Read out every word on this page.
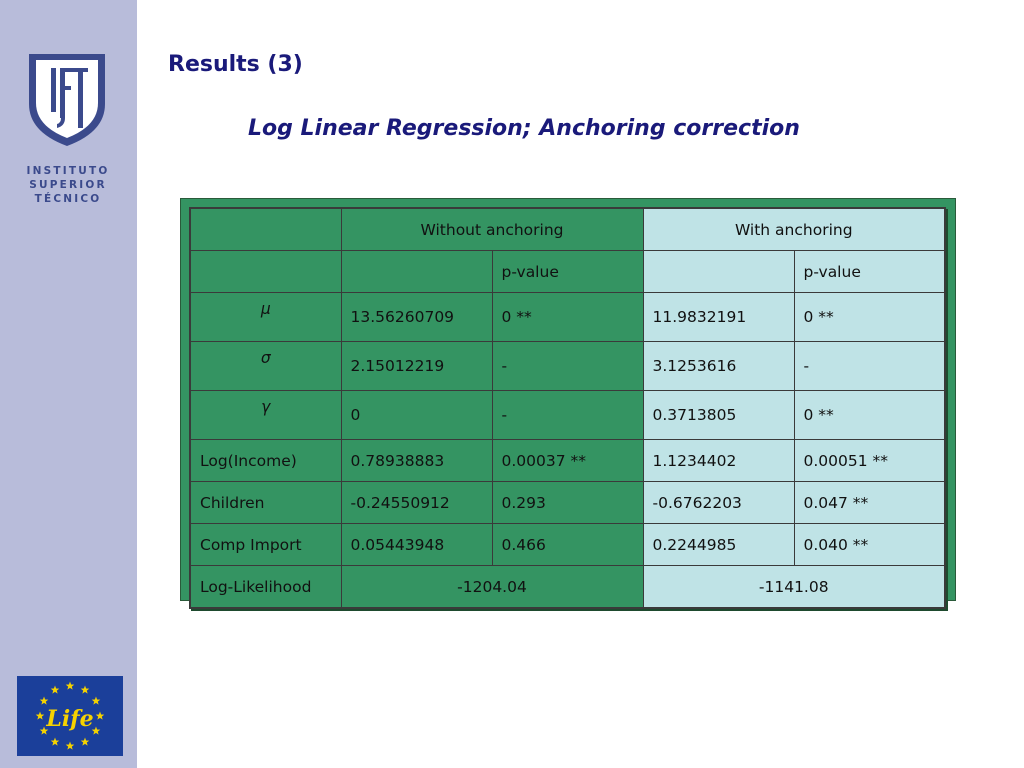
INSTITUTO
SUPERIOR
TÉCNICO
Life
Results (3)
Log Linear Regression; Anchoring correction
	Without anchoring		With anchoring	
		p-value		p-value
μ	13.56260709	0 **	11.9832191	0 **
σ	2.15012219	-	3.1253616	-
γ	0	-	0.3713805	0 **
Log(Income)	0.78938883	0.00037 **	1.1234402	0.00051 **
Children	-0.24550912	0.293	-0.6762203	0.047 **
Comp Import	0.05443948	0.466	0.2244985	0.040 **
Log-Likelihood	-1204.04		-1141.08	
